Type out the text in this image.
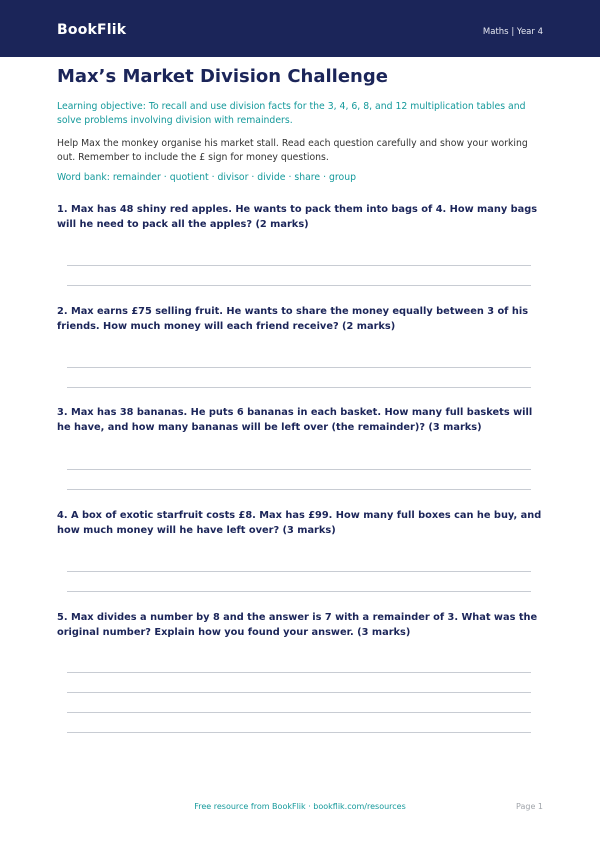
BookFlik	Maths | Year 4
Max’s Market Division Challenge
Learning objective: To recall and use division facts for the 3, 4, 6, 8, and 12 multiplication tables and solve problems involving division with remainders.
Help Max the monkey organise his market stall. Read each question carefully and show your working out. Remember to include the £ sign for money questions.
Word bank: remainder · quotient · divisor · divide · share · group
1. Max has 48 shiny red apples. He wants to pack them into bags of 4. How many bags will he need to pack all the apples? (2 marks)
2. Max earns £75 selling fruit. He wants to share the money equally between 3 of his friends. How much money will each friend receive? (2 marks)
3. Max has 38 bananas. He puts 6 bananas in each basket. How many full baskets will he have, and how many bananas will be left over (the remainder)? (3 marks)
4. A box of exotic starfruit costs £8. Max has £99. How many full boxes can he buy, and how much money will he have left over? (3 marks)
5. Max divides a number by 8 and the answer is 7 with a remainder of 3. What was the original number? Explain how you found your answer. (3 marks)
Free resource from BookFlik · bookflik.com/resources	Page 1
